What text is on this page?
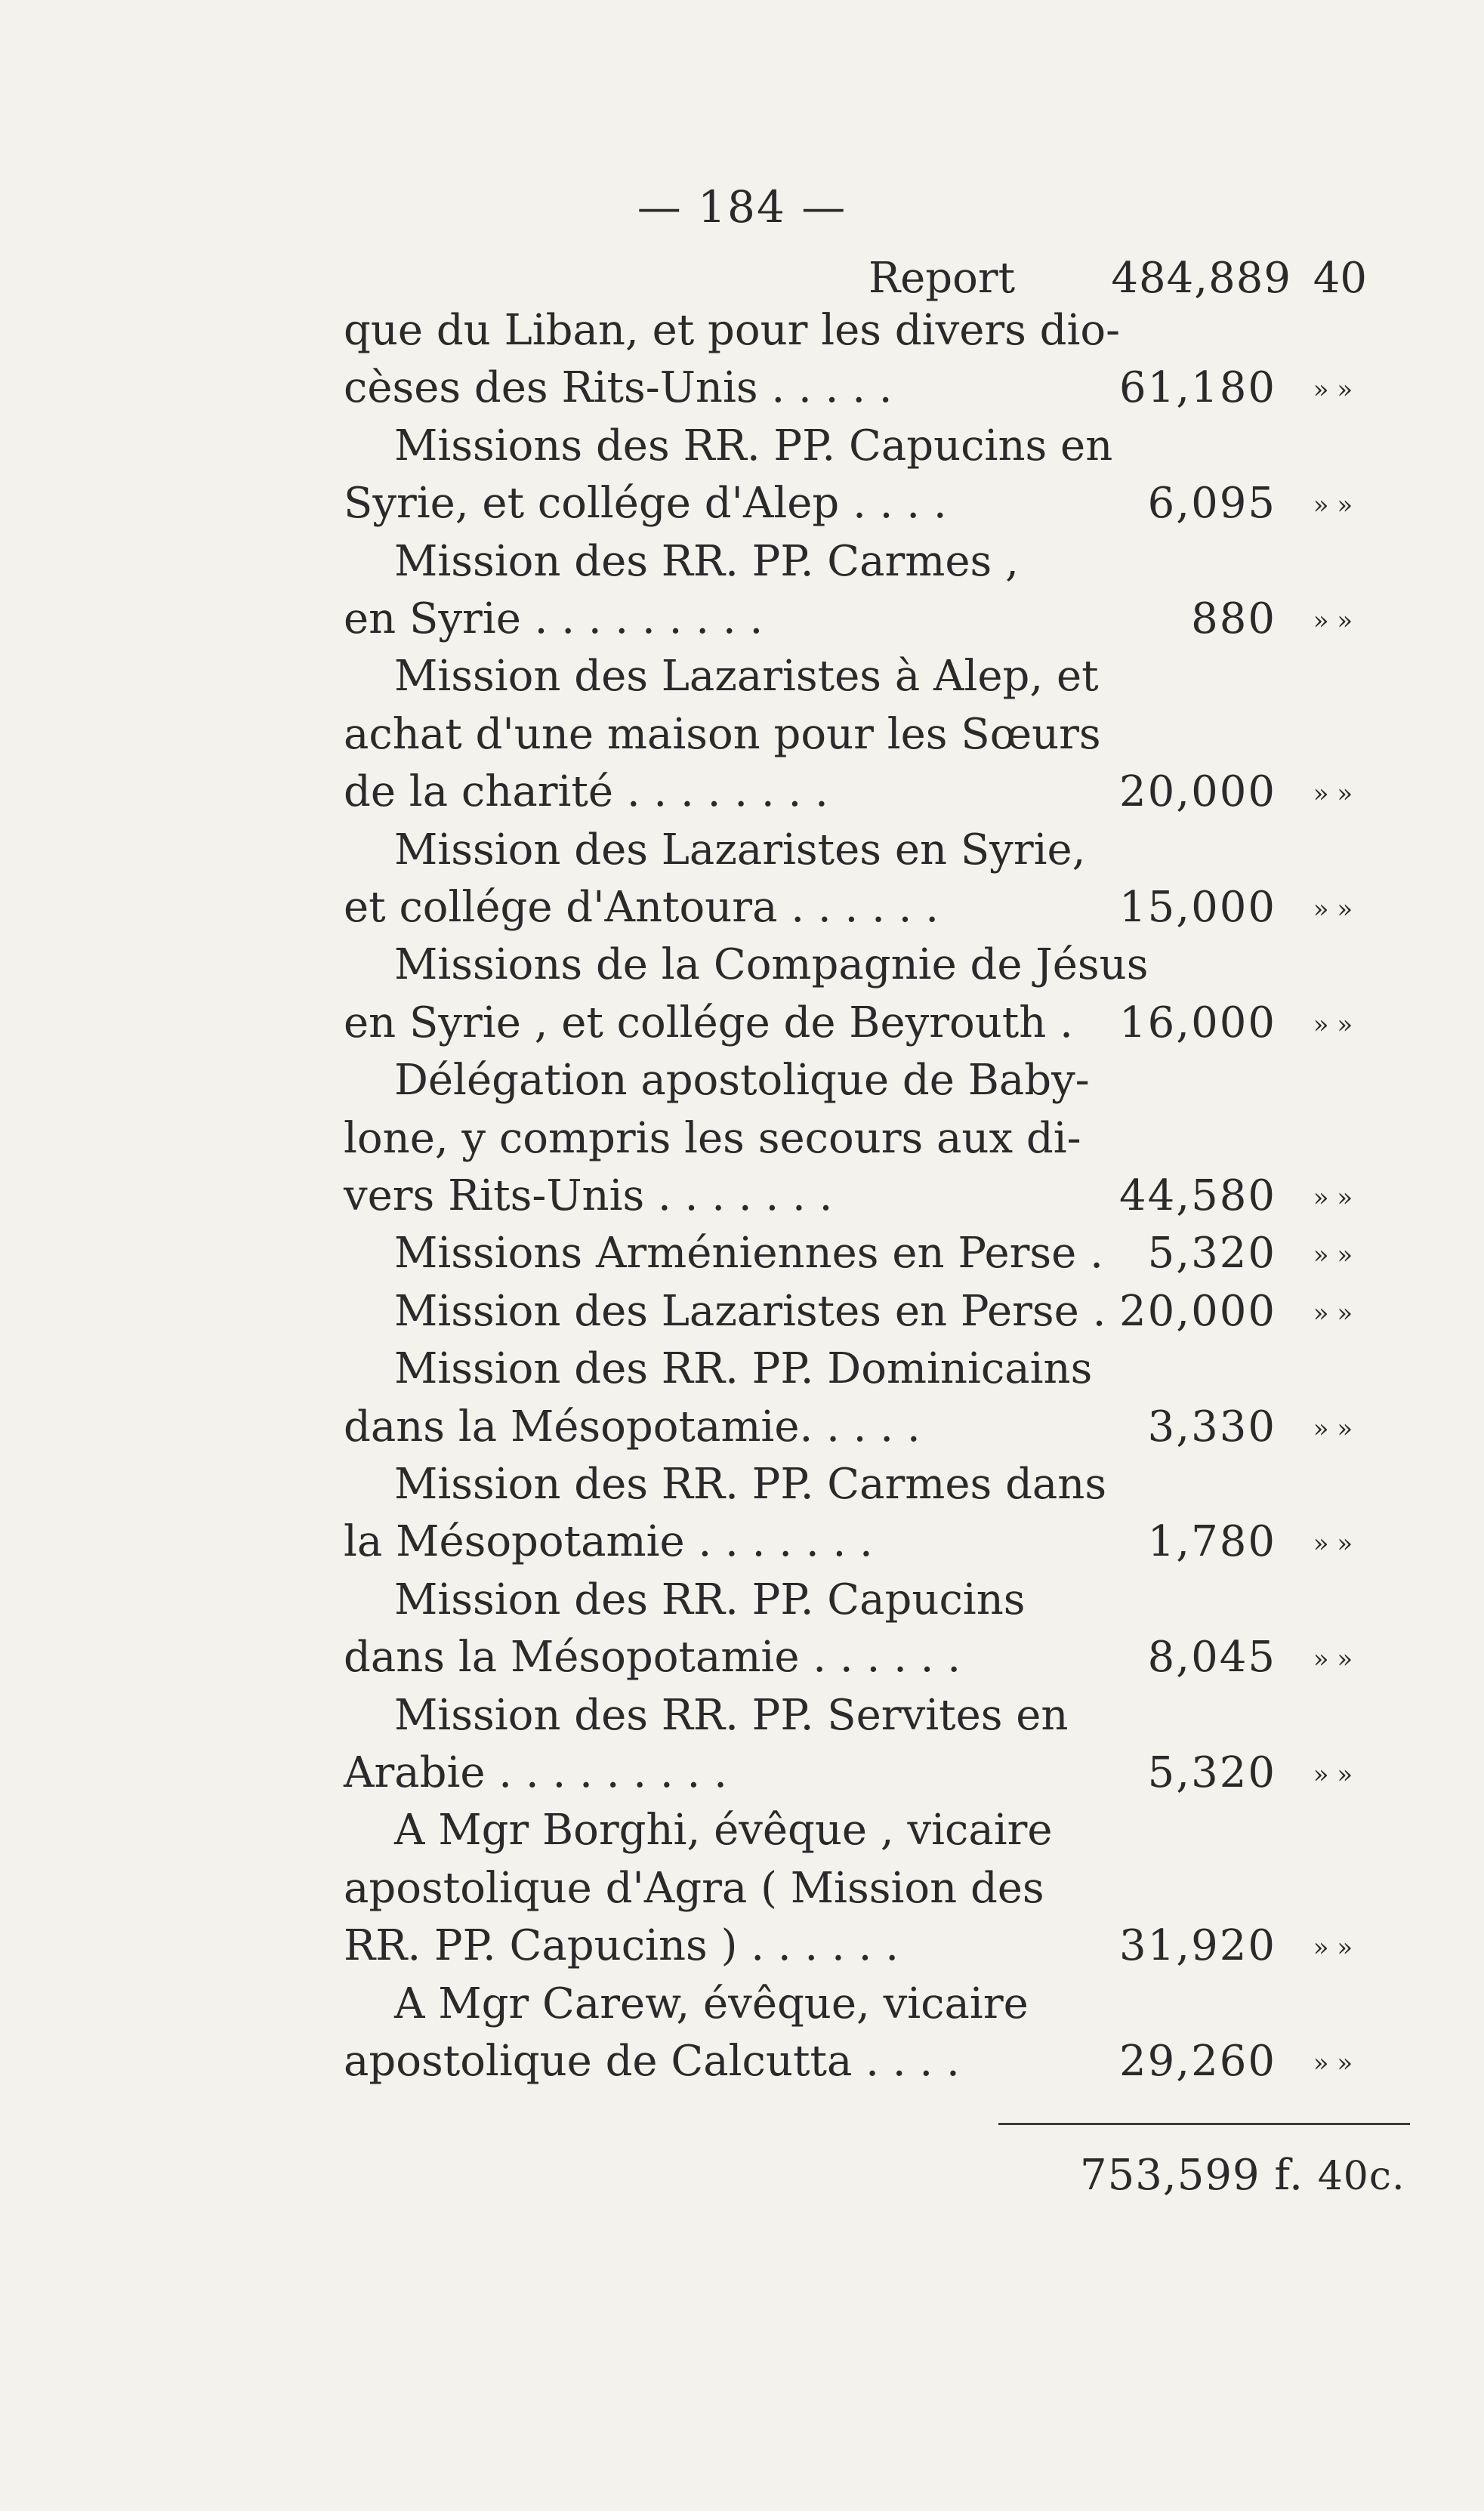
— 184 —
Report	484,889 40
que du Liban, et pour les divers dio-
cèses des Rits-Unis . . . . .	61,180 » »
Missions des RR. PP. Capucins en
Syrie, et collége d'Alep . . . .	6,095 » »
Mission des RR. PP. Carmes ,
en Syrie . . . . . . . . .	880 » »
Mission des Lazaristes à Alep, et
achat d'une maison pour les Sœurs
de la charité . . . . . . . .	20,000 » »
Mission des Lazaristes en Syrie,
et collége d'Antoura . . . . . .	15,000 » »
Missions de la Compagnie de Jésus
en Syrie , et collége de Beyrouth .	16,000 » »
Délégation apostolique de Baby-
lone, y compris les secours aux di-
vers Rits-Unis . . . . . . .	44,580 » »
Missions Arméniennes en Perse .	5,320 » »
Mission des Lazaristes en Perse . 20,000 » »
Mission des RR. PP. Dominicains
dans la Mésopotamie. . . . .	3,330 » »
Mission des RR. PP. Carmes dans
la Mésopotamie . . . . . . .	1,780 » »
Mission des RR. PP. Capucins
dans la Mésopotamie . . . . . .	8,045 » »
Mission des RR. PP. Servites en
Arabie . . . . . . . . .	5,320 » »
A Mgr Borghi, évêque , vicaire
apostolique d'Agra ( Mission des
RR. PP. Capucins ) . . . . . .	31,920 » »
A Mgr Carew, évêque, vicaire
apostolique de Calcutta . . . .	29,260 » »
753,599 f. 40c.
